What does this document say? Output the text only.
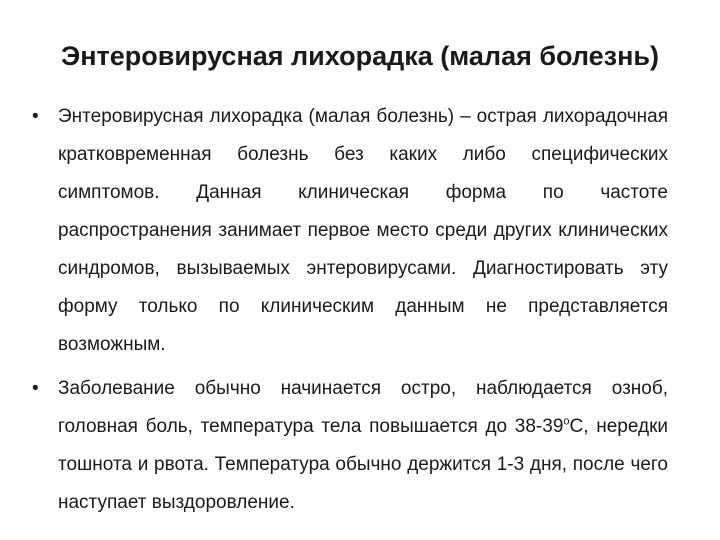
Энтеровирусная лихорадка (малая болезнь)
• Энтеровирусная лихорадка (малая болезнь) – острая лихорадочная кратковременная болезнь без каких либо специфических симптомов. Данная клиническая форма по частоте распространения занимает первое место среди других клинических синдромов, вызываемых энтеровирусами. Диагностировать эту форму только по клиническим данным не представляется возможным.
• Заболевание обычно начинается остро, наблюдается озноб, головная боль, температура тела повышается до $38-39^оС$, нередки тошнота и рвота. Температура обычно держится 1-3 дня, после чего наступает выздоровление.
